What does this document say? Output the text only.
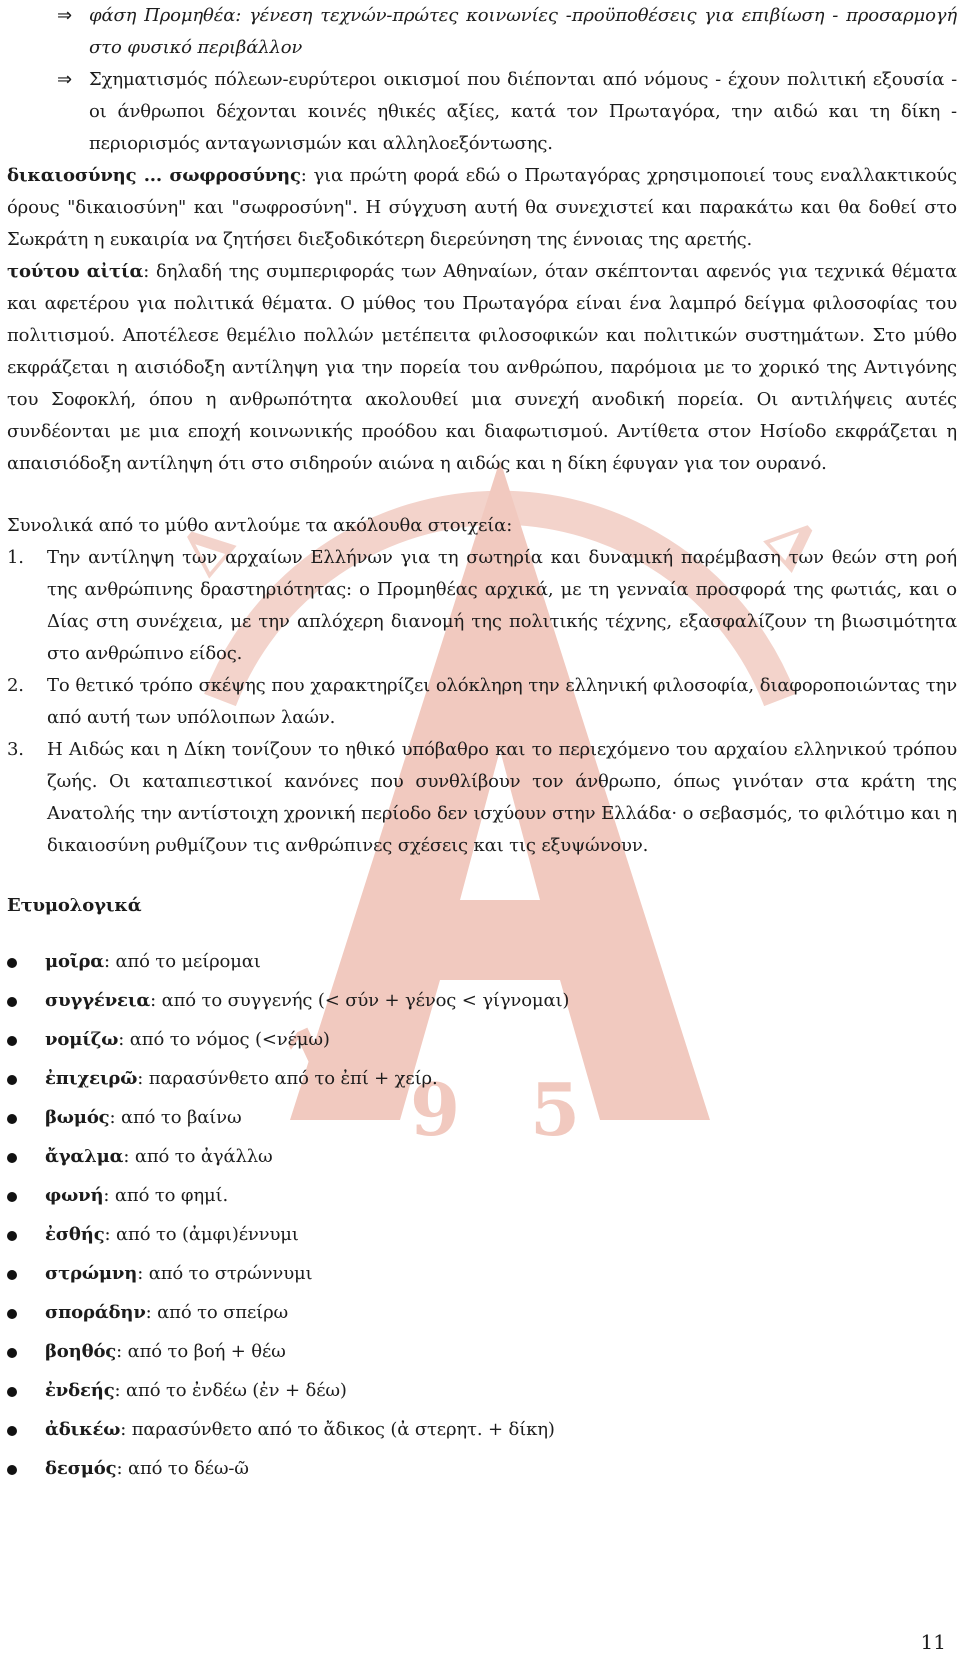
Δ	Δ
1
9 5 0
⇒ φάση Προμηθέα: γένεση τεχνών-πρώτες κοινωνίες -προϋποθέσεις για επιβίωση - προσαρμογή στο φυσικό περιβάλλον
⇒ Σχηματισμός πόλεων-ευρύτεροι οικισμοί που διέπονται από νόμους - έχουν πολιτική εξουσία - οι άνθρωποι δέχονται κοινές ηθικές αξίες, κατά τον Πρωταγόρα, την αιδώ και τη δίκη - περιορισμός ανταγωνισμών και αλληλοεξόντωσης.

δικαιοσύνης ... σωφροσύνης: για πρώτη φορά εδώ ο Πρωταγόρας χρησιμοποιεί τους εναλλακτικούς όρους "δικαιοσύνη" και "σωφροσύνη". Η σύγχυση αυτή θα συνεχιστεί και παρακάτω και θα δοθεί στο Σωκράτη η ευκαιρία να ζητήσει διεξοδικότερη διερεύνηση της έννοιας της αρετής.

τούτου αἰτία: δηλαδή της συμπεριφοράς των Αθηναίων, όταν σκέπτονται αφενός για τεχνικά θέματα και αφετέρου για πολιτικά θέματα. Ο μύθος του Πρωταγόρα είναι ένα λαμπρό δείγμα φιλοσοφίας του πολιτισμού. Αποτέλεσε θεμέλιο πολλών μετέπειτα φιλοσοφικών και πολιτικών συστημάτων. Στο μύθο εκφράζεται η αισιόδοξη αντίληψη για την πορεία του ανθρώπου, παρόμοια με το χορικό της Αντιγόνης του Σοφοκλή, όπου η ανθρωπότητα ακολουθεί μια συνεχή ανοδική πορεία. Οι αντιλήψεις αυτές συνδέονται με μια εποχή κοινωνικής προόδου και διαφωτισμού. Αντίθετα στον Ησίοδο εκφράζεται η απαισιόδοξη αντίληψη ότι στο σιδηρούν αιώνα η αιδώς και η δίκη έφυγαν για τον ουρανό.

Συνολικά από το μύθο αντλούμε τα ακόλουθα στοιχεία:

1. Την αντίληψη των αρχαίων Ελλήνων για τη σωτηρία και δυναμική παρέμβαση των θεών στη ροή της ανθρώπινης δραστηριότητας: ο Προμηθέας αρχικά, με τη γενναία προσφορά της φωτιάς, και ο Δίας στη συνέχεια, με την απλόχερη διανομή της πολιτικής τέχνης, εξασφαλίζουν τη βιωσιμότητα στο ανθρώπινο είδος.
2. Το θετικό τρόπο σκέψης που χαρακτηρίζει ολόκληρη την ελληνική φιλοσοφία, διαφοροποιώντας την από αυτή των υπόλοιπων λαών.
3. Η Αιδώς και η Δίκη τονίζουν το ηθικό υπόβαθρο και το περιεχόμενο του αρχαίου ελληνικού τρόπου ζωής. Οι καταπιεστικοί κανόνες που συνθλίβουν τον άνθρωπο, όπως γινόταν στα κράτη της Ανατολής την αντίστοιχη χρονική περίοδο δεν ισχύουν στην Ελλάδα· ο σεβασμός, το φιλότιμο και η δικαιοσύνη ρυθμίζουν τις ανθρώπινες σχέσεις και τις εξυψώνουν.

Ετυμολογικά

μοῖρα: από το μείρομαι
συγγένεια: από το συγγενής (< σύν + γένος < γίγνομαι)
νομίζω: από το νόμος (<νέμω)
ἐπιχειρῶ: παρασύνθετο από το ἐπί + χείρ.
βωμός: από το βαίνω
ἄγαλμα: από το ἀγάλλω
φωνή: από το φημί.
ἐσθής: από το (ἀμφι)έννυμι
στρώμνη: από το στρώννυμι
σποράδην: από το σπείρω
βοηθός: από το βοή + θέω
ἐνδεής: από το ἐνδέω (ἐν + δέω)
ἀδικέω: παρασύνθετο από το ἄδικος (ἀ στερητ. + δίκη)
δεσμός: από το δέω-ῶ
11
